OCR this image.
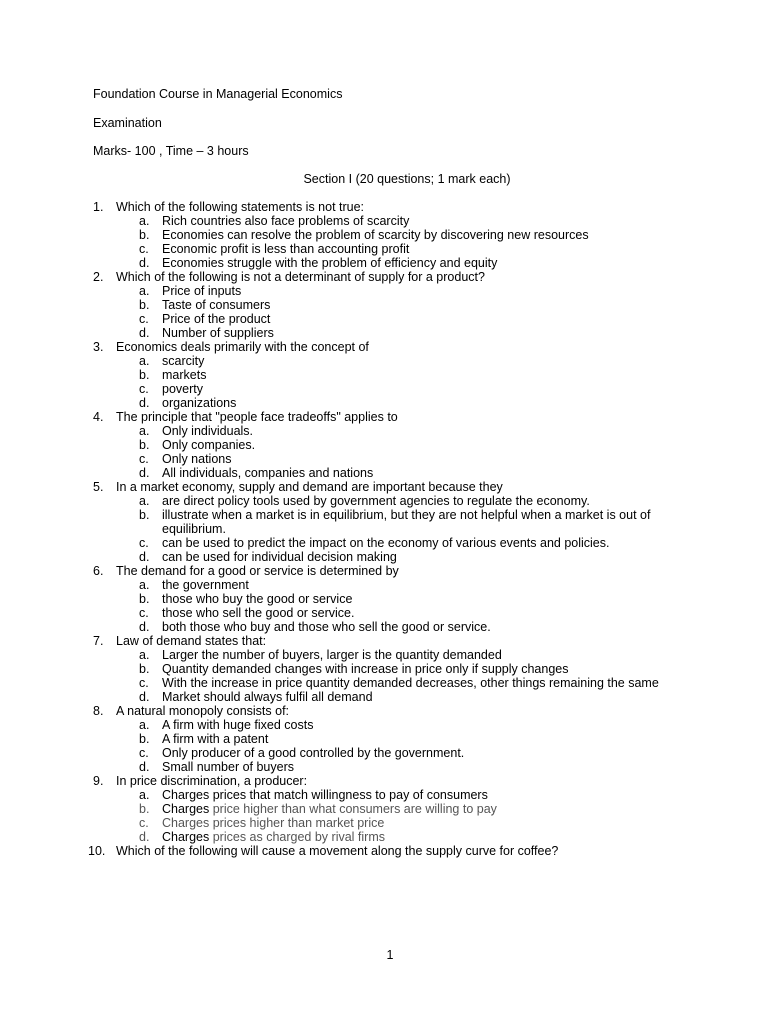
Foundation Course in Managerial Economics
Examination
Marks- 100 , Time – 3 hours
Section I (20 questions; 1 mark each)
1.	Which of the following statements is not true:
a.	Rich countries also face problems of scarcity
b.	Economies can resolve the problem of scarcity by discovering new resources
c.	Economic profit is less than accounting profit
d.	Economies struggle with the problem of efficiency and equity
2.	Which of the following is not a determinant of supply for a product?
a.	Price of inputs
b.	Taste of consumers
c.	Price of the product
d.	Number of suppliers
3.	Economics deals primarily with the concept of
a.	scarcity
b.	markets
c.	poverty
d.	organizations
4.	The principle that "people face tradeoffs" applies to
a.	Only individuals.
b.	Only companies.
c.	Only nations
d.	All individuals, companies and nations
5.	In a market economy, supply and demand are important because they
a.	are direct policy tools used by government agencies to regulate the economy.
b.	illustrate when a market is in equilibrium, but they are not helpful when a market is out of equilibrium.
c.	can be used to predict the impact on the economy of various events and policies.
d.	can be used for individual decision making
6.	The demand for a good or service is determined by
a.	the government
b.	those who buy the good or service
c.	those who sell the good or service.
d.	both those who buy and those who sell the good or service.
7.	Law of demand states that:
a.	Larger the number of buyers, larger is the quantity demanded
b.	Quantity demanded changes with increase in price only if supply changes
c.	With the increase in price quantity demanded decreases, other things remaining the same
d.	Market should always fulfil all demand
8.	A natural monopoly consists of:
a.	A firm with huge fixed costs
b.	A firm with a patent
c.	Only producer of a good controlled by the government.
d.	Small number of buyers
9.	In price discrimination, a producer:
a.	Charges prices that match willingness to pay of consumers
b.	Charges price higher than what consumers are willing to pay
c.	Charges prices higher than market price
d.	Charges prices as charged by rival firms
10. Which of the following will cause a movement along the supply curve for coffee?
1
